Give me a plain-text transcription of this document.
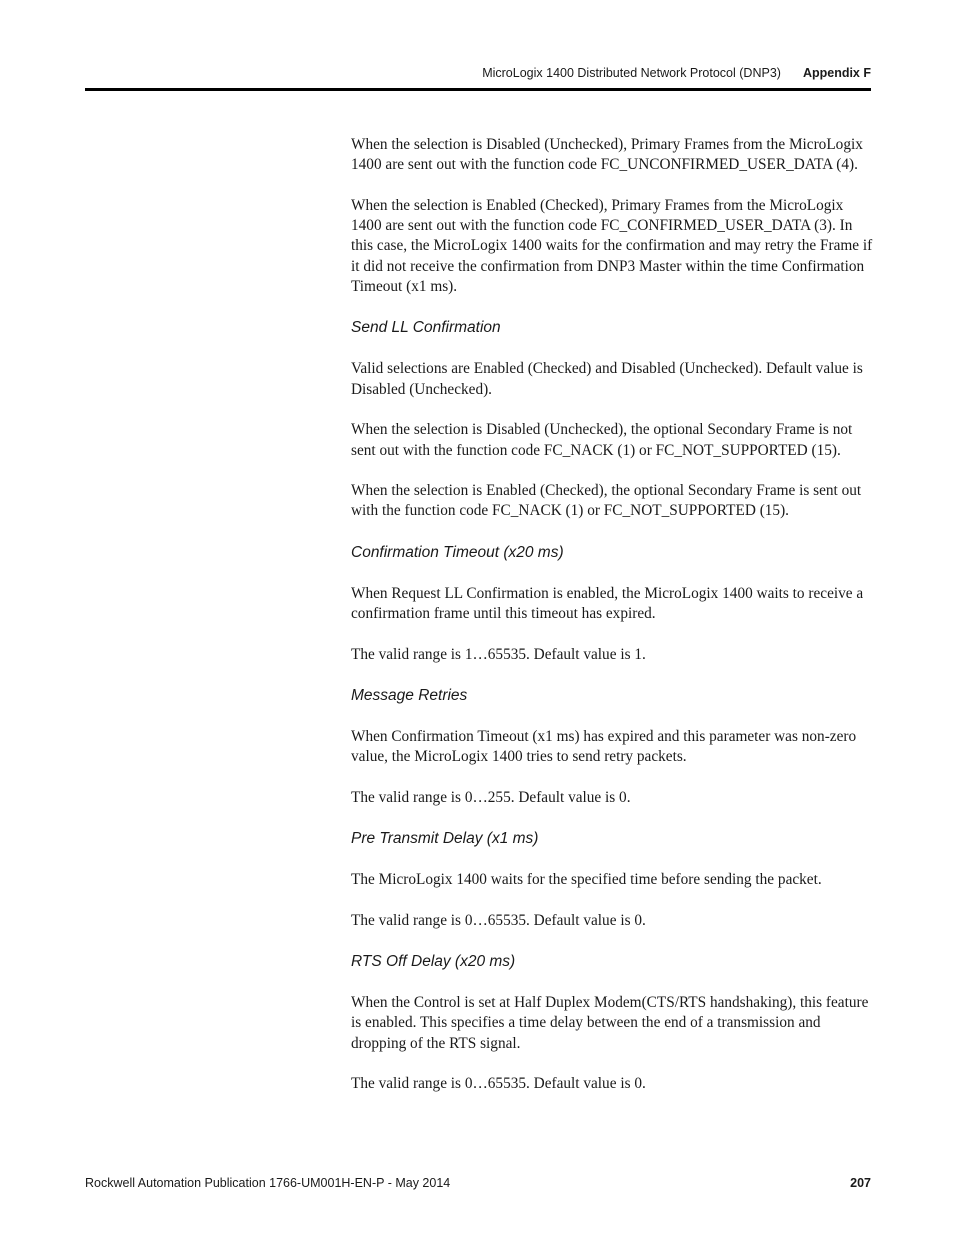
MicroLogix 1400 Distributed Network Protocol (DNP3) Appendix F

When the selection is Disabled (Unchecked), Primary Frames from the MicroLogix 1400 are sent out with the function code FC_UNCONFIRMED_USER_DATA (4).

When the selection is Enabled (Checked), Primary Frames from the MicroLogix 1400 are sent out with the function code FC_CONFIRMED_USER_DATA (3). In this case, the MicroLogix 1400 waits for the confirmation and may retry the Frame if it did not receive the confirmation from DNP3 Master within the time Confirmation Timeout (x1 ms).

Send LL Confirmation

Valid selections are Enabled (Checked) and Disabled (Unchecked). Default value is Disabled (Unchecked).

When the selection is Disabled (Unchecked), the optional Secondary Frame is not sent out with the function code FC_NACK (1) or FC_NOT_SUPPORTED (15).

When the selection is Enabled (Checked), the optional Secondary Frame is sent out with the function code FC_NACK (1) or FC_NOT_SUPPORTED (15).

Confirmation Timeout (x20 ms)

When Request LL Confirmation is enabled, the MicroLogix 1400 waits to receive a confirmation frame until this timeout has expired.

The valid range is 1…65535. Default value is 1.

Message Retries

When Confirmation Timeout (x1 ms) has expired and this parameter was non-zero value, the MicroLogix 1400 tries to send retry packets.

The valid range is 0…255. Default value is 0.

Pre Transmit Delay (x1 ms)

The MicroLogix 1400 waits for the specified time before sending the packet.

The valid range is 0…65535. Default value is 0.

RTS Off Delay (x20 ms)

When the Control is set at Half Duplex Modem(CTS/RTS handshaking), this feature is enabled. This specifies a time delay between the end of a transmission and dropping of the RTS signal.

The valid range is 0…65535. Default value is 0.

Rockwell Automation Publication 1766-UM001H-EN-P - May 2014	207
